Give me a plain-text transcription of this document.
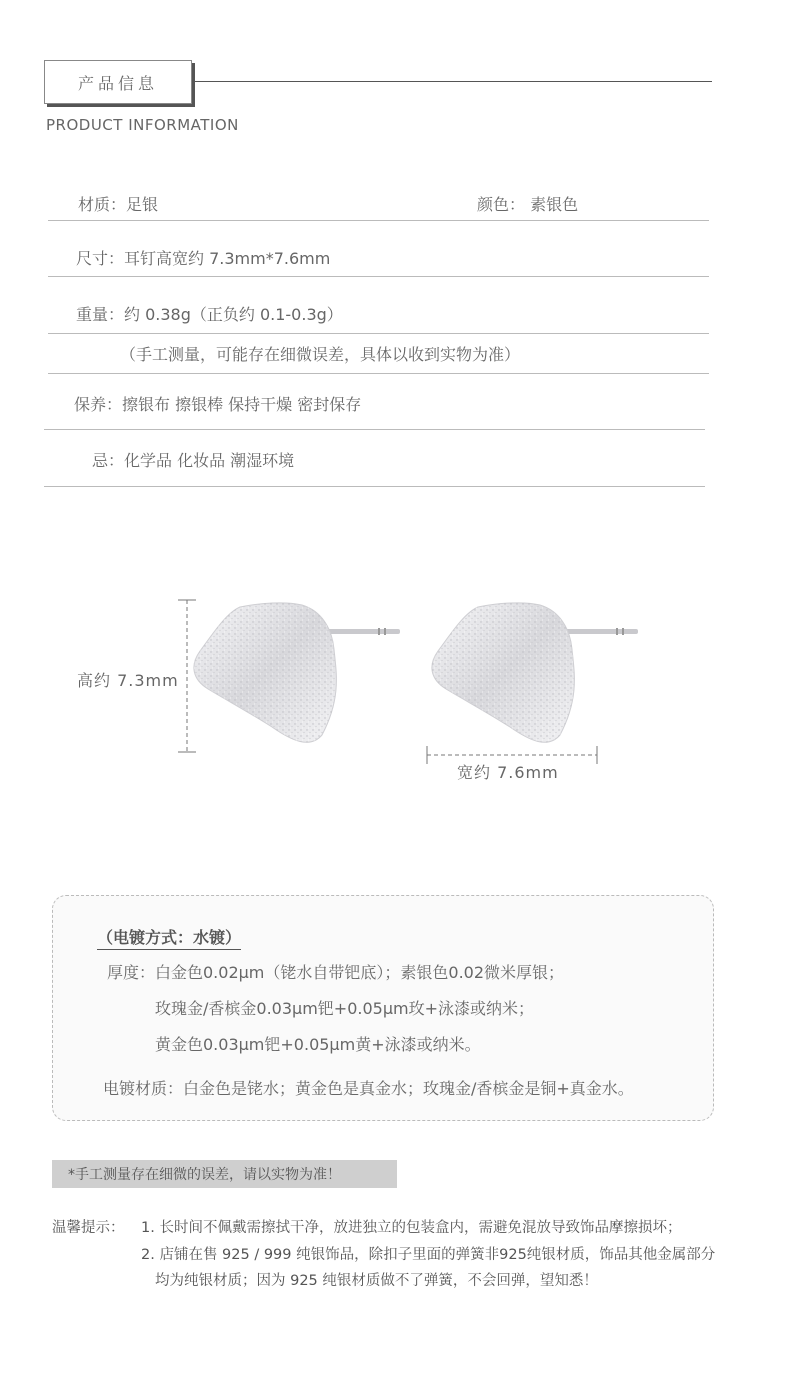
产品信息
PRODUCT INFORMATION
材质：足银	颜色： 素银色
尺寸：耳钉高宽约 7.3mm*7.6mm
重量：约 0.38g（正负约 0.1-0.3g）
（手工测量，可能存在细微误差，具体以收到实物为准）
保养：擦银布 擦银棒 保持干燥 密封保存
忌：化学品 化妆品 潮湿环境
高约 7.3mm
宽约 7.6mm
（电镀方式：水镀）
厚度：白金色0.02μm（铑水自带钯底）；素银色0.02微米厚银；
玫瑰金/香槟金0.03μm钯+0.05μm玫+泳漆或纳米；
黄金色0.03μm钯+0.05μm黄+泳漆或纳米。
电镀材质：白金色是铑水；黄金色是真金水；玫瑰金/香槟金是铜+真金水。
*手工测量存在细微的误差，请以实物为准！
温馨提示： 1. 长时间不佩戴需擦拭干净，放进独立的包装盒内，需避免混放导致饰品摩擦损坏；
2. 店铺在售 925 / 999 纯银饰品，除扣子里面的弹簧非925纯银材质，饰品其他金属部分
均为纯银材质；因为 925 纯银材质做不了弹簧，不会回弹，望知悉！
